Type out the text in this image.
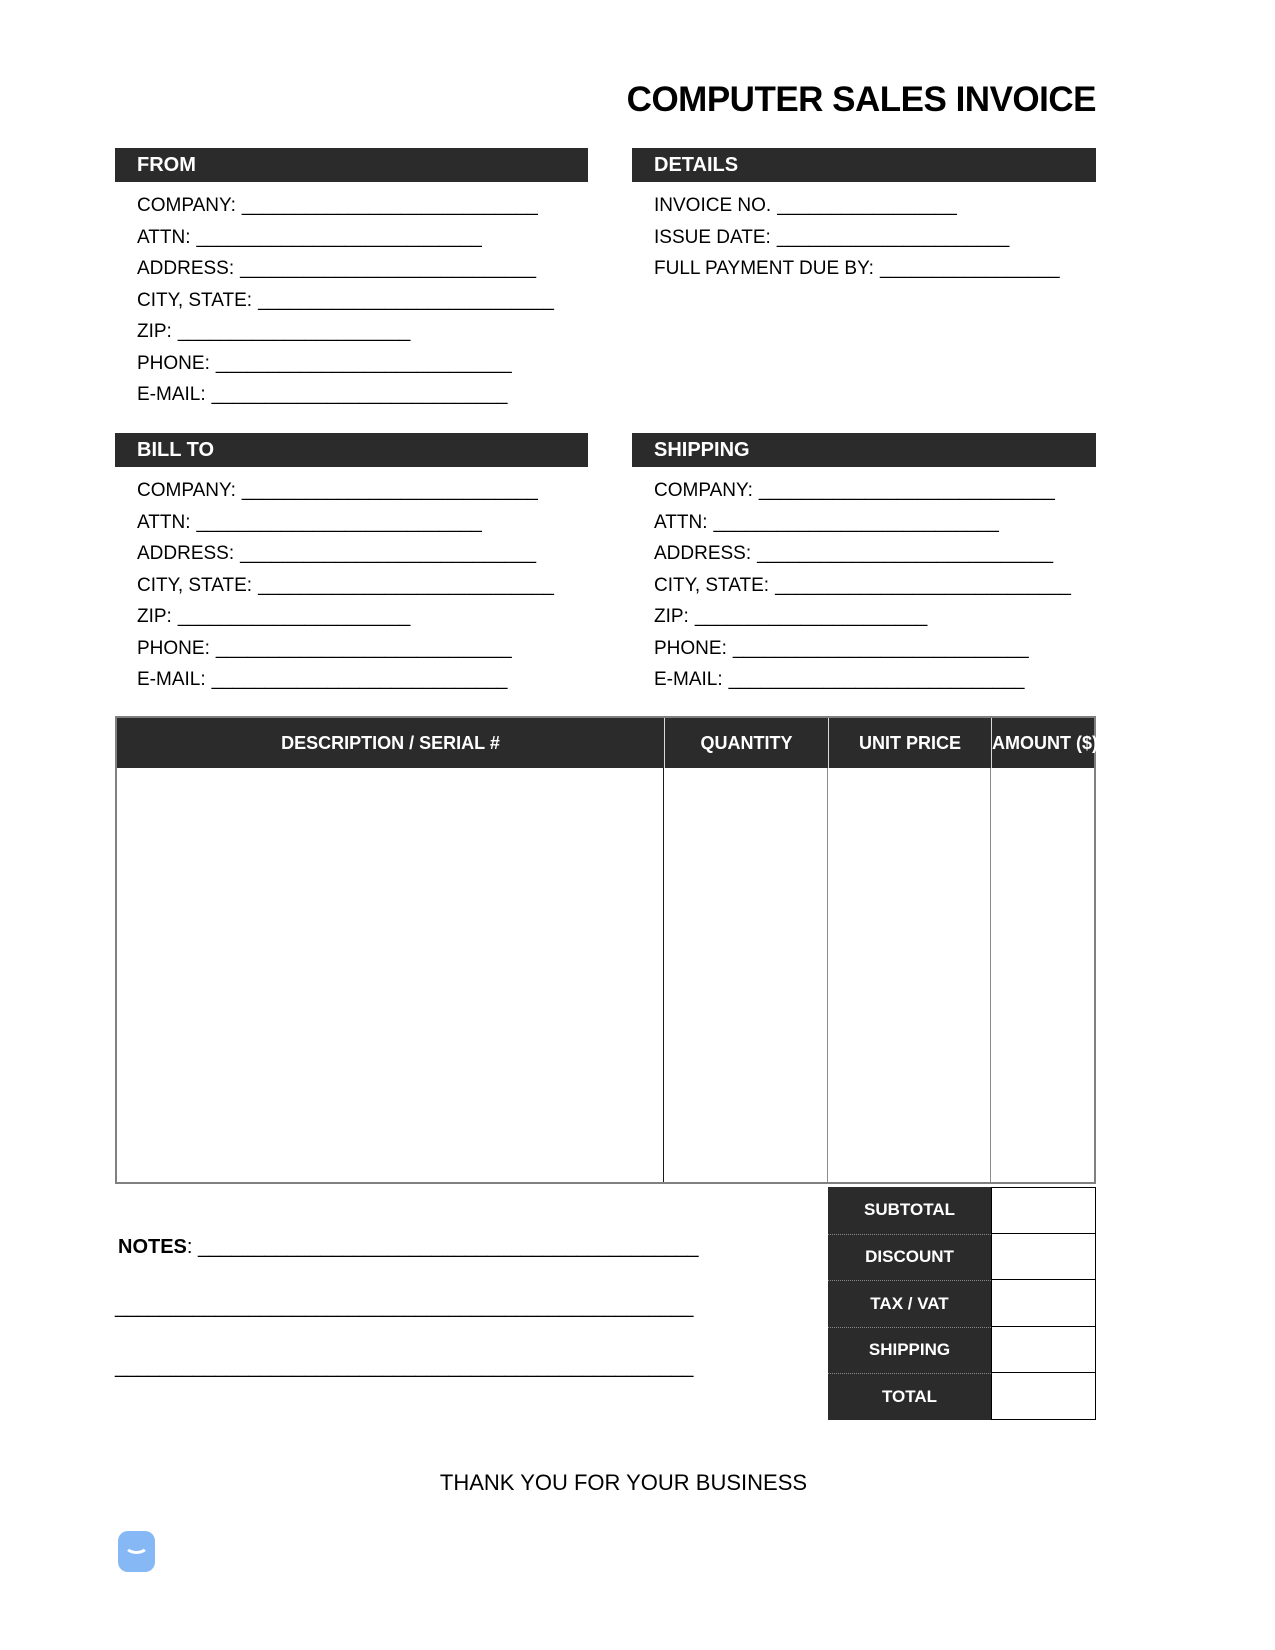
COMPUTER SALES INVOICE
FROM
COMPANY: ____________________________
ATTN: ___________________________
ADDRESS: ____________________________
CITY, STATE: ____________________________
ZIP: ______________________
PHONE: ____________________________
E-MAIL: ____________________________
DETAILS
INVOICE NO. _________________
ISSUE DATE: ______________________
FULL PAYMENT DUE BY: _________________
BILL TO
COMPANY: ____________________________
ATTN: ___________________________
ADDRESS: ____________________________
CITY, STATE: ____________________________
ZIP: ______________________
PHONE: ____________________________
E-MAIL: ____________________________
SHIPPING
COMPANY: ____________________________
ATTN: ___________________________
ADDRESS: ____________________________
CITY, STATE: ____________________________
ZIP: ______________________
PHONE: ____________________________
E-MAIL: ____________________________
DESCRIPTION / SERIAL #	QUANTITY	UNIT PRICE	AMOUNT ($)
SUBTOTAL
DISCOUNT
TAX / VAT
SHIPPING
TOTAL
NOTES: _____________________________________________
____________________________________________________
____________________________________________________
THANK YOU FOR YOUR BUSINESS
